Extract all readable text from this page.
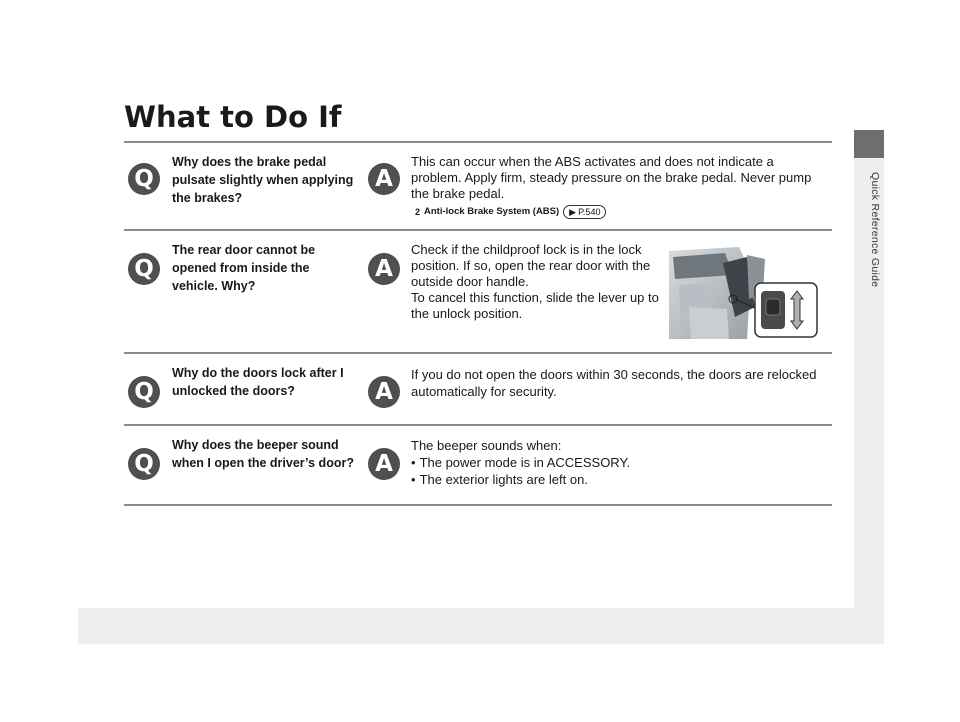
Quick Reference Guide
What to Do If
Q
Why does the brake pedal pulsate slightly when applying the brakes?
A

This can occur when the ABS activates and does not indicate a problem. Apply firm, steady pressure on the brake pedal. Never pump the brake pedal.

2 Anti-lock Brake System (ABS) ▶ P.540
Q
The rear door cannot be opened from inside the vehicle. Why?
A

Check if the childproof lock is in the lock position. If so, open the rear door with the outside door handle.

To cancel this function, slide the lever up to the unlock position.

Q
Why do the doors lock after I unlocked the doors?	A

If you do not open the doors within 30 seconds, the doors are relocked automatically for security.

Q
Why does the beeper sound when I open the driver’s door? A

The beeper sounds when:

• The power mode is in ACCESSORY.
• The exterior lights are left on.
